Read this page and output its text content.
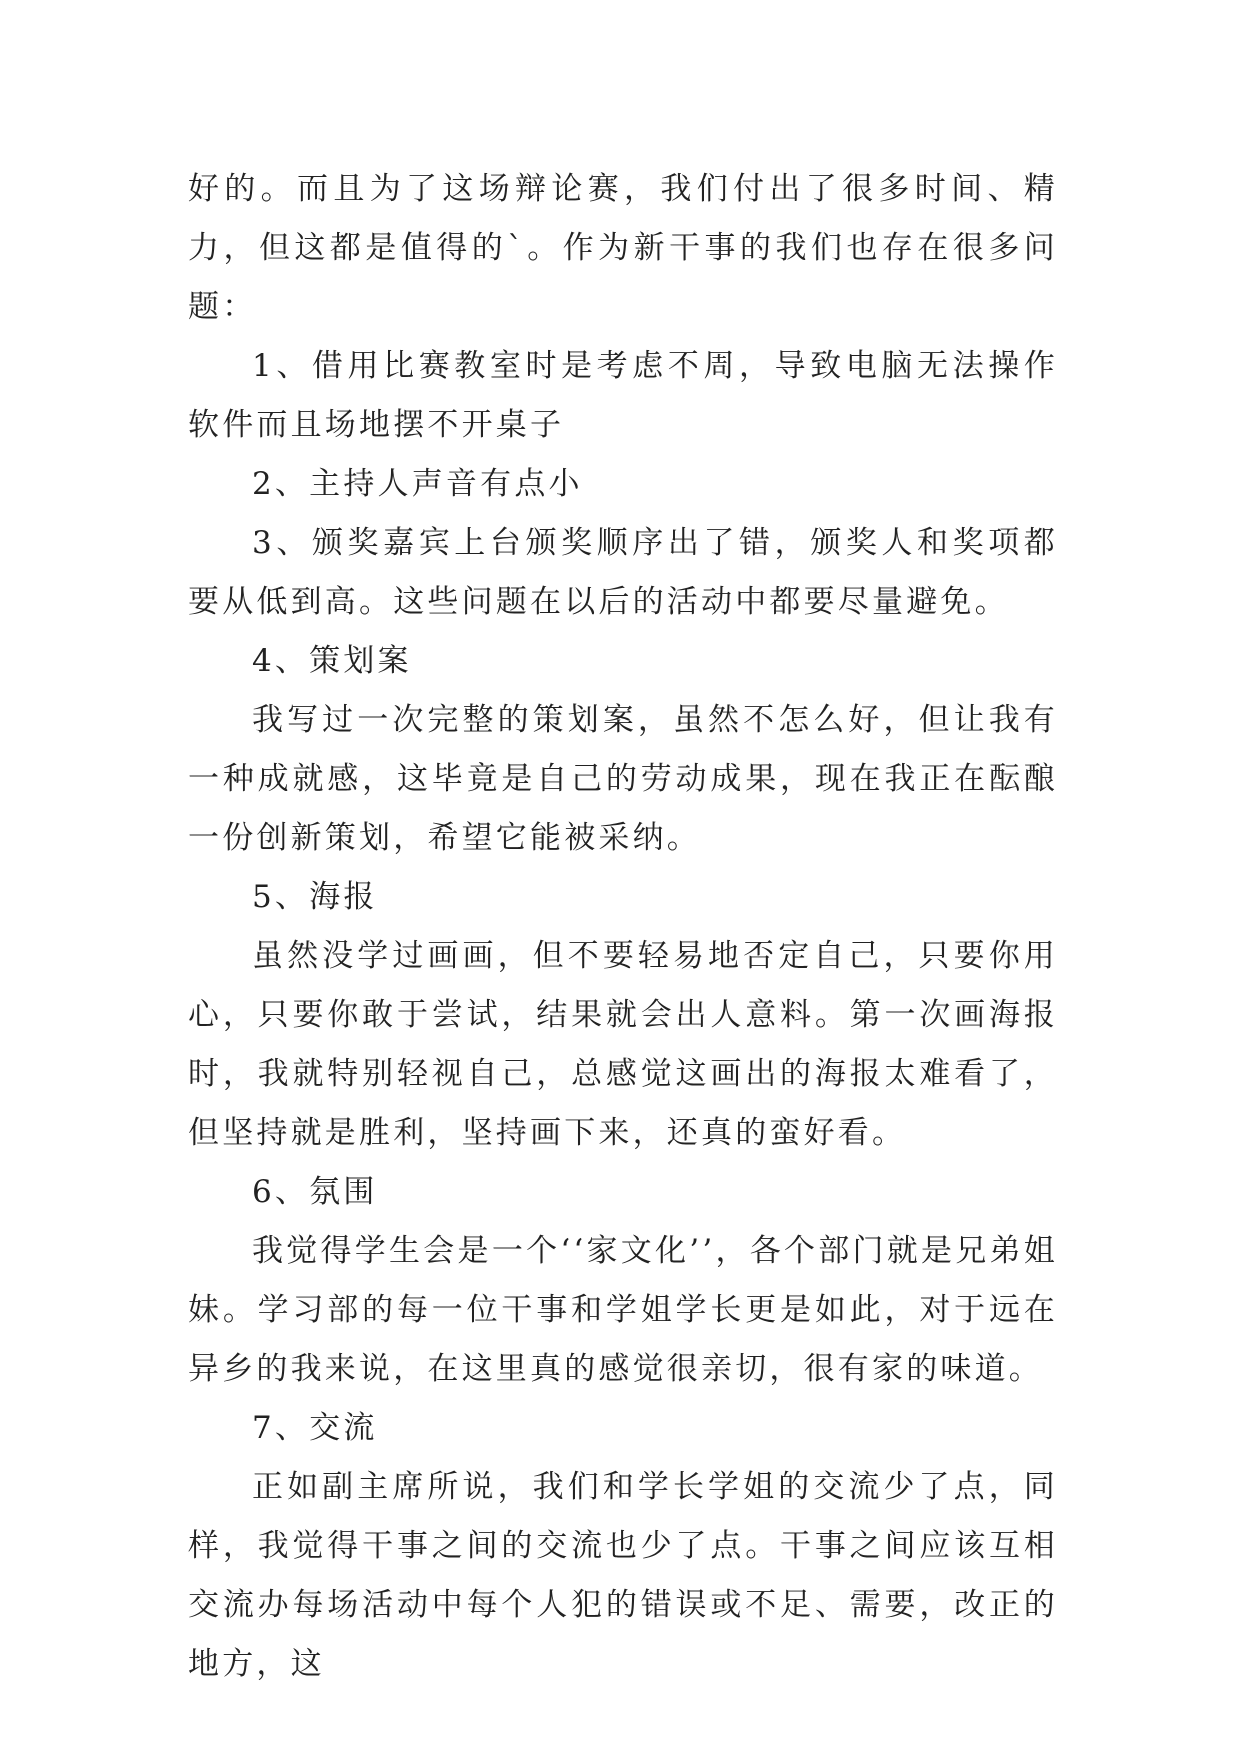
好的。而且为了这场辩论赛，我们付出了很多时间、精力，但这都是值得的`。作为新干事的我们也存在很多问题：

1、借用比赛教室时是考虑不周，导致电脑无法操作软件而且场地摆不开桌子

2、主持人声音有点小

3、颁奖嘉宾上台颁奖顺序出了错，颁奖人和奖项都要从低到高。这些问题在以后的活动中都要尽量避免。

4、策划案

我写过一次完整的策划案，虽然不怎么好，但让我有一种成就感，这毕竟是自己的劳动成果，现在我正在酝酿一份创新策划，希望它能被采纳。

5、海报

虽然没学过画画，但不要轻易地否定自己，只要你用心，只要你敢于尝试，结果就会出人意料。第一次画海报时，我就特别轻视自己，总感觉这画出的海报太难看了，但坚持就是胜利，坚持画下来，还真的蛮好看。

6、氛围

我觉得学生会是一个‘‘家文化’’，各个部门就是兄弟姐妹。学习部的每一位干事和学姐学长更是如此，对于远在异乡的我来说，在这里真的感觉很亲切，很有家的味道。

7、交流

正如副主席所说，我们和学长学姐的交流少了点，同样，我觉得干事之间的交流也少了点。干事之间应该互相交流办每场活动中每个人犯的错误或不足、需要，改正的地方，这
